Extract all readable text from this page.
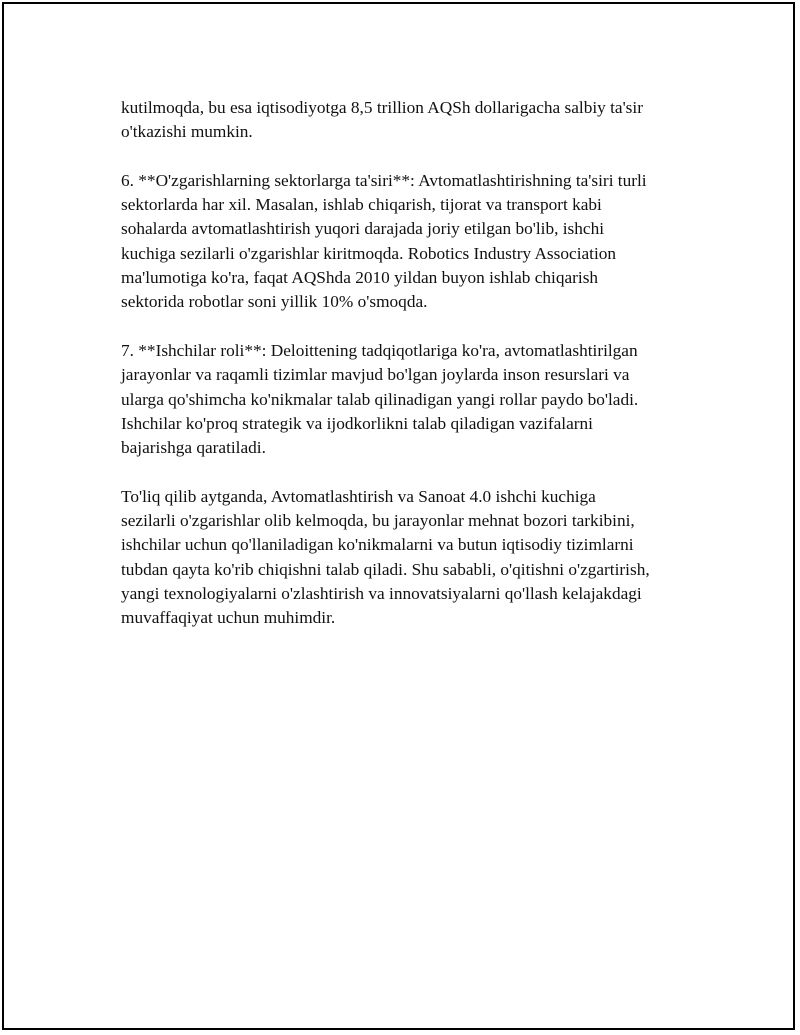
kutilmoqda, bu esa iqtisodiyotga 8,5 trillion AQSh dollarigacha salbiy ta'sir
o'tkazishi mumkin.

6. **O'zgarishlarning sektorlarga ta'siri**: Avtomatlashtirishning ta'siri turli
sektorlarda har xil. Masalan, ishlab chiqarish, tijorat va transport kabi
sohalarda avtomatlashtirish yuqori darajada joriy etilgan bo'lib, ishchi
kuchiga sezilarli o'zgarishlar kiritmoqda. Robotics Industry Association
ma'lumotiga ko'ra, faqat AQShda 2010 yildan buyon ishlab chiqarish
sektorida robotlar soni yillik 10% o'smoqda.

7. **Ishchilar roli**: Deloittening tadqiqotlariga ko'ra, avtomatlashtirilgan
jarayonlar va raqamli tizimlar mavjud bo'lgan joylarda inson resurslari va
ularga qo'shimcha ko'nikmalar talab qilinadigan yangi rollar paydo bo'ladi.
Ishchilar ko'proq strategik va ijodkorlikni talab qiladigan vazifalarni
bajarishga qaratiladi.

To'liq qilib aytganda, Avtomatlashtirish va Sanoat 4.0 ishchi kuchiga
sezilarli o'zgarishlar olib kelmoqda, bu jarayonlar mehnat bozori tarkibini,
ishchilar uchun qo'llaniladigan ko'nikmalarni va butun iqtisodiy tizimlarni
tubdan qayta ko'rib chiqishni talab qiladi. Shu sababli, o'qitishni o'zgartirish,
yangi texnologiyalarni o'zlashtirish va innovatsiyalarni qo'llash kelajakdagi
muvaffaqiyat uchun muhimdir.
